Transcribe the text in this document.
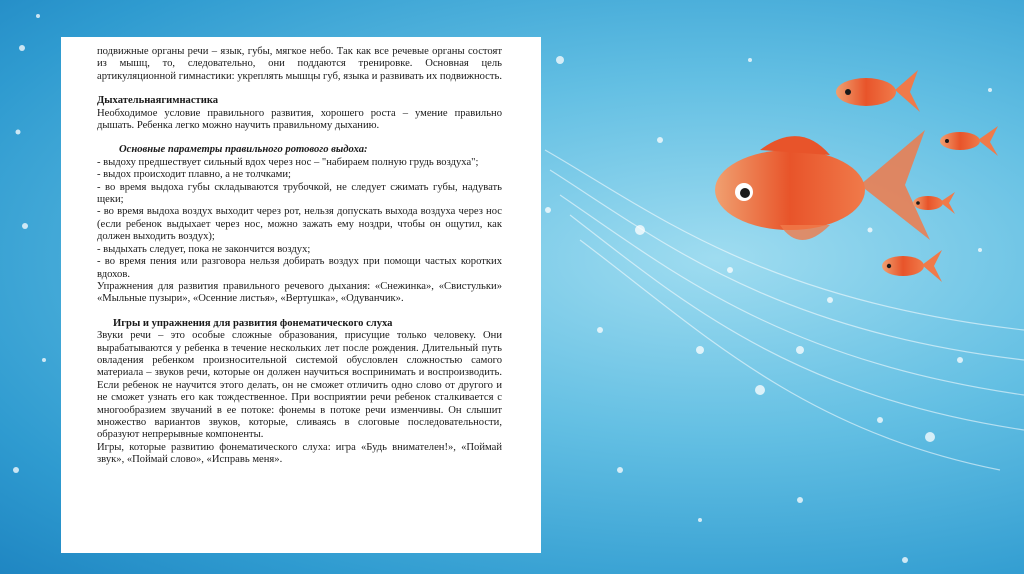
подвижные органы речи – язык, губы, мягкое небо. Так как все речевые органы состоят из мышц, то, следовательно, они поддаются тренировке. Основная цель артикуляционной гимнастики: укреплять мышцы губ, языка и развивать их подвижность.

Дыхательнаягимнастика

Необходимое условие правильного развития, хорошего роста – умение правильно дышать. Ребенка легко можно научить правильному дыханию.

Основные параметры правильного ротового выдоха:

- выдоху предшествует сильный вдох через нос – "набираем полную грудь воздуха";

- выдох происходит плавно, а не толчками;

- во время выдоха губы складываются трубочкой, не следует сжимать губы, надувать щеки;

- во время выдоха воздух выходит через рот, нельзя допускать выхода воздуха через нос (если ребенок выдыхает через нос, можно зажать ему ноздри, чтобы он ощутил, как должен выходить воздух);

- выдыхать следует, пока не закончится воздух;

- во время пения или разговора нельзя добирать воздух при помощи частых коротких вдохов.

Упражнения для развития правильного речевого дыхания: «Снежинка», «Свистульки» «Мыльные пузыри», «Осенние листья», «Вертушка», «Одуванчик».

Игры и упражнения для развития фонематического слуха

Звуки речи – это особые сложные образования, присущие только человеку. Они вырабатываются у ребенка в течение нескольких лет после рождения. Длительный путь овладения ребенком произносительной системой обусловлен сложностью самого материала – звуков речи, которые он должен научиться воспринимать и воспроизводить. Если ребенок не научится этого делать, он не сможет отличить одно слово от другого и не сможет узнать его как тождественное. При восприятии речи ребенок сталкивается с многообразием звучаний в ее потоке: фонемы в потоке речи изменчивы. Он слышит множество вариантов звуков, которые, сливаясь в слоговые последовательности, образуют непрерывные компоненты.

Игры, которые развитию фонематического слуха: игра «Будь внимателен!», «Поймай звук», «Поймай слово», «Исправь меня».
